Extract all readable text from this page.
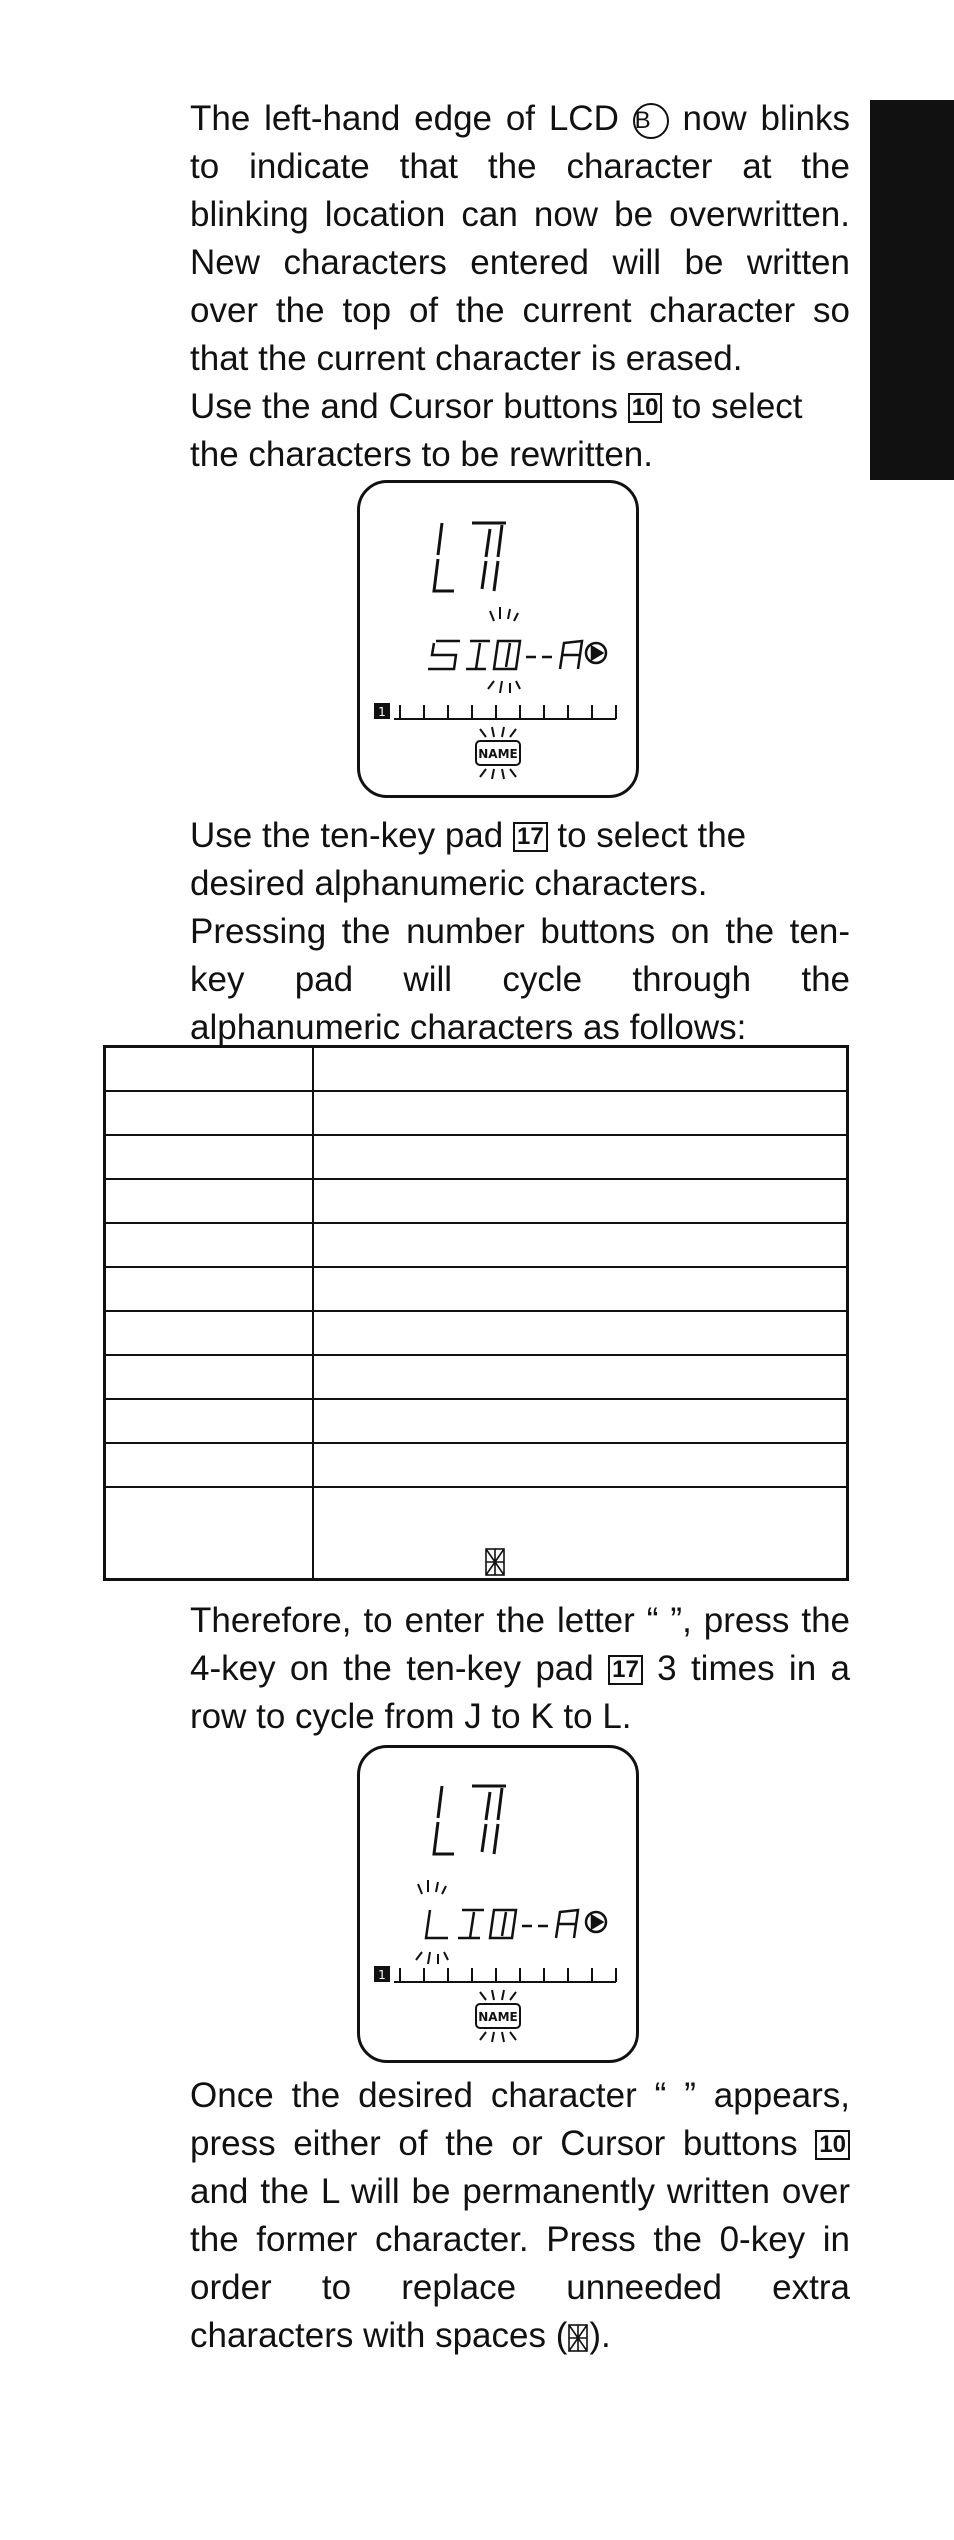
The left-hand edge of LCD B now blinks to indicate that the character at the blinking location can now be overwritten. New characters entered will be written over the top of the current character so that the current character is erased.

Use the and Cursor buttons 10 to select the characters to be rewritten.

1
NAME

Use the ten-key pad 17 to select the desired alphanumeric characters.

Pressing the number buttons on the ten-key pad will cycle through the alphanumeric characters as follows:

Therefore, to enter the letter “ ”, press the 4-key on the ten-key pad 17 3 times in a row to cycle from J to K to L.

1
NAME

Once the desired character “ ” appears, press either of the or Cursor buttons 10 and the L will be permanently written over the former character. Press the 0-key in order to replace unneeded extra characters with spaces ( ).
